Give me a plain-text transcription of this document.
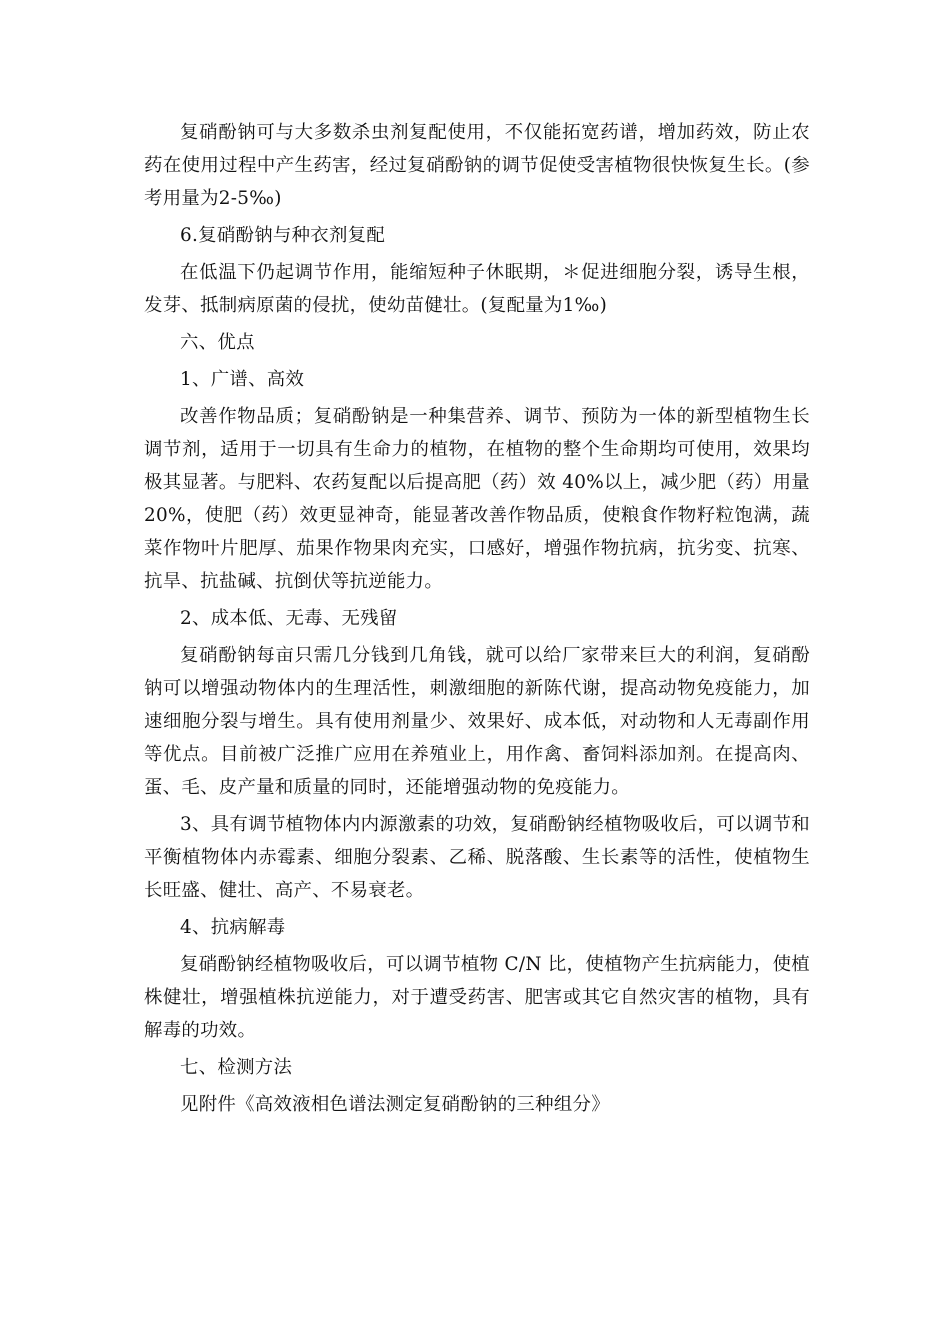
复硝酚钠可与大多数杀虫剂复配使用，不仅能拓宽药谱，增加药效，防止农药在使用过程中产生药害，经过复硝酚钠的调节促使受害植物很快恢复生长。(参考用量为2-5‰)

6.复硝酚钠与种衣剂复配

在低温下仍起调节作用，能缩短种子休眠期，＊促进细胞分裂，诱导生根，发芽、抵制病原菌的侵扰，使幼苗健壮。(复配量为1‰)

六、优点

1、广谱、高效

改善作物品质；复硝酚钠是一种集营养、调节、预防为一体的新型植物生长调节剂，适用于一切具有生命力的植物，在植物的整个生命期均可使用，效果均极其显著。与肥料、农药复配以后提高肥（药）效 40%以上，减少肥（药）用量20%，使肥（药）效更显神奇，能显著改善作物品质，使粮食作物籽粒饱满，蔬菜作物叶片肥厚、茄果作物果肉充实，口感好，增强作物抗病，抗劣变、抗寒、抗旱、抗盐碱、抗倒伏等抗逆能力。

2、成本低、无毒、无残留

复硝酚钠每亩只需几分钱到几角钱，就可以给厂家带来巨大的利润，复硝酚钠可以增强动物体内的生理活性，刺激细胞的新陈代谢，提高动物免疫能力，加速细胞分裂与增生。具有使用剂量少、效果好、成本低，对动物和人无毒副作用等优点。目前被广泛推广应用在养殖业上，用作禽、畜饲料添加剂。在提高肉、蛋、毛、皮产量和质量的同时，还能增强动物的免疫能力。

3、具有调节植物体内内源激素的功效，复硝酚钠经植物吸收后，可以调节和平衡植物体内赤霉素、细胞分裂素、乙稀、脱落酸、生长素等的活性，使植物生长旺盛、健壮、高产、不易衰老。

4、抗病解毒

复硝酚钠经植物吸收后，可以调节植物 C/N 比，使植物产生抗病能力，使植株健壮，增强植株抗逆能力，对于遭受药害、肥害或其它自然灾害的植物，具有解毒的功效。

七、检测方法

见附件《高效液相色谱法测定复硝酚钠的三种组分》
